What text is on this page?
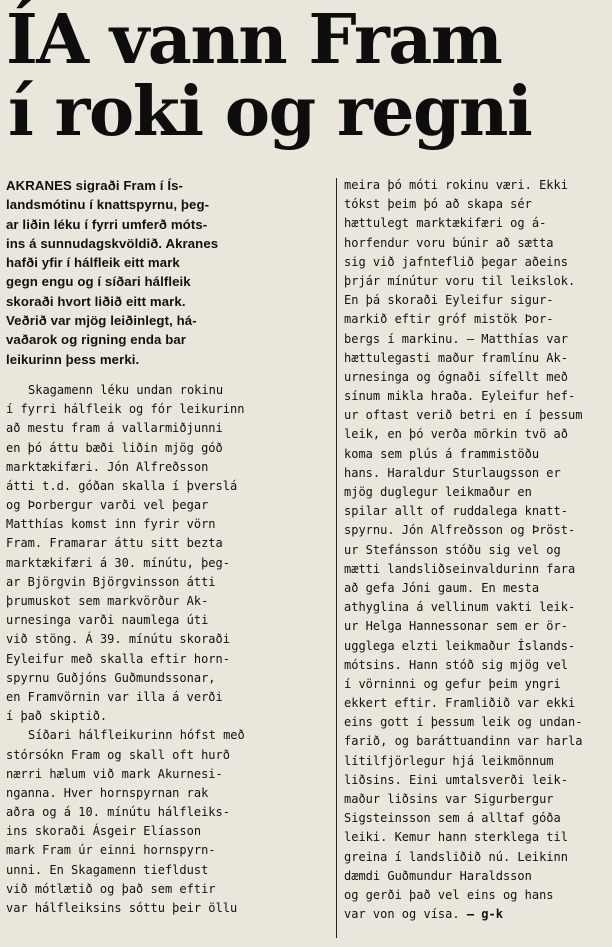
ÍA vann Fram
í roki og regni
AKRANES sigraði Fram í Ís-
landsmótinu í knattspyrnu, þeg-
ar liðin léku í fyrri umferð móts-
ins á sunnudagskvöldið. Akranes
hafði yfir í hálfleik eitt mark
gegn engu og í síðari hálfleik
skoraði hvort liðið eitt mark.
Veðrið var mjög leiðinlegt, há-
vaðarok og rigning enda bar
leikurinn þess merki.
Skagamenn léku undan rokinu
í fyrri hálfleik og fór leikurinn
að mestu fram á vallarmiðjunni
en þó áttu bæði liðin mjög góð
marktækifæri. Jón Alfreðsson
átti t.d. góðan skalla í þverslá
og Þorbergur varði vel þegar
Matthías komst inn fyrir vörn
Fram. Framarar áttu sitt bezta
marktækifæri á 30. mínútu, þeg-
ar Björgvin Björgvinsson átti
þrumuskot sem markvörður Ak-
urnesinga varði naumlega úti
við stöng. Á 39. mínútu skoraði
Eyleifur með skalla eftir horn-
spyrnu Guðjóns Guðmundssonar,
en Framvörnin var illa á verði
í það skiptið.
Síðari hálfleikurinn hófst með
stórsókn Fram og skall oft hurð
nærri hælum við mark Akurnesi-
nganna. Hver hornspyrnan rak
aðra og á 10. mínútu hálfleiks-
ins skoraði Ásgeir Elíasson
mark Fram úr einni hornspyrn-
unni. En Skagamenn tiefldust
við mótlætið og það sem eftir
var hálfleiksins sóttu þeir öllu
meira þó móti rokinu væri. Ekki
tókst þeim þó að skapa sér
hættulegt marktækifæri og á-
horfendur voru búnir að sætta
sig við jafnteflið þegar aðeins
þrjár mínútur voru til leikslok.
En þá skoraði Eyleifur sigur-
markið eftir gróf mistök Þor-
bergs í markinu. — Matthías var
hættulegasti maður framlínu Ak-
urnesinga og ógnaði sífellt með
sínum mikla hraða. Eyleifur hef-
ur oftast verið betri en í þessum
leik, en þó verða mörkin tvö að
koma sem plús á frammistöðu
hans. Haraldur Sturlaugsson er
mjög duglegur leikmaður en
spilar allt of ruddalega knatt-
spyrnu. Jón Alfreðsson og Þröst-
ur Stefánsson stóðu sig vel og
mætti landsliðseinvaldurinn fara
að gefa Jóni gaum. En mesta
athyglina á vellinum vakti leik-
ur Helga Hannessonar sem er ör-
ugglega elzti leikmaður Íslands-
mótsins. Hann stóð sig mjög vel
í vörninni og gefur þeim yngri
ekkert eftir. Framliðið var ekki
eins gott í þessum leik og undan-
farið, og baráttuandinn var harla
lítilfjörlegur hjá leikmönnum
liðsins. Eini umtalsverði leik-
maður liðsins var Sigurbergur
Sigsteinsson sem á alltaf góða
leiki. Kemur hann sterklega til
greina í landsliðið nú. Leikinn
dæmdi Guðmundur Haraldsson
og gerði það vel eins og hans
var von og vísa. — g-k
